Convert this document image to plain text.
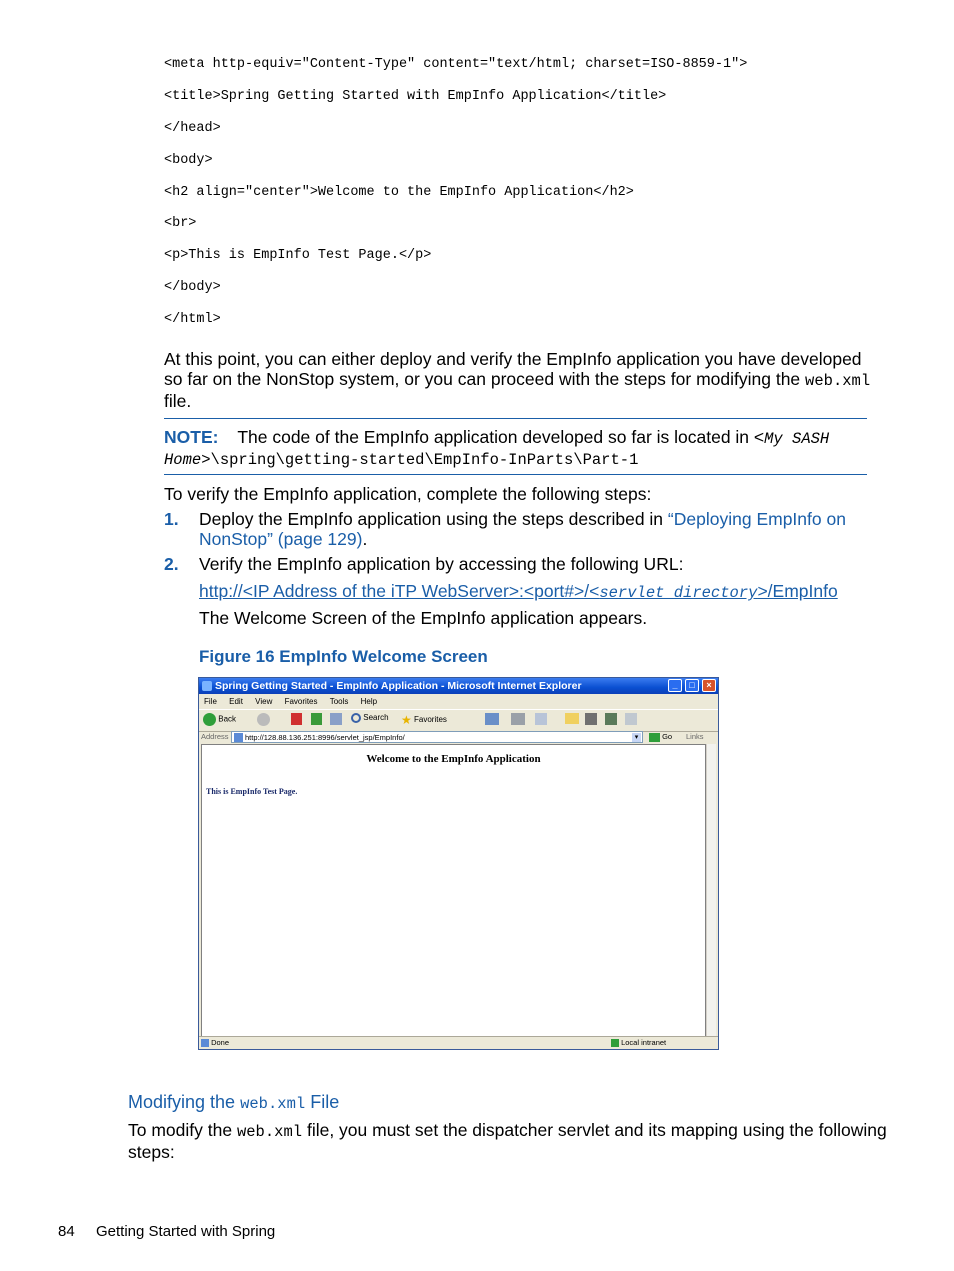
<meta http-equiv="Content-Type" content="text/html; charset=ISO-8859-1">
<title>Spring Getting Started with EmpInfo Application</title>
</head>
<body>
<h2 align="center">Welcome to the EmpInfo Application</h2>
<br>
<p>This is EmpInfo Test Page.</p>
</body>
</html>
At this point, you can either deploy and verify the EmpInfo application you have developed
so far on the NonStop system, or you can proceed with the steps for modifying the web.xml
file.
NOTE: The code of the EmpInfo application developed so far is located in <My SASH
Home>\spring\getting-started\EmpInfo-InParts\Part-1
To verify the EmpInfo application, complete the following steps:
1. Deploy the EmpInfo application using the steps described in “Deploying EmpInfo on
NonStop” (page 129).
2. Verify the EmpInfo application by accessing the following URL:
http://<IP Address of the iTP WebServer>:<port#>/<servlet directory>/EmpInfo
The Welcome Screen of the EmpInfo application appears.
Figure 16 EmpInfo Welcome Screen
Spring Getting Started - EmpInfo Application - Microsoft Internet Explorer	_	□	×
File Edit View Favorites Tools Help
Back	Search ★ Favorites
Address	http://128.88.136.251:8996/servlet_jsp/EmpInfo/	▾	Go Links
Welcome to the EmpInfo Application
This is EmpInfo Test Page.
Done	Local intranet
Modifying the web.xml File
To modify the web.xml file, you must set the dispatcher servlet and its mapping using the following
steps:
84 Getting Started with Spring
